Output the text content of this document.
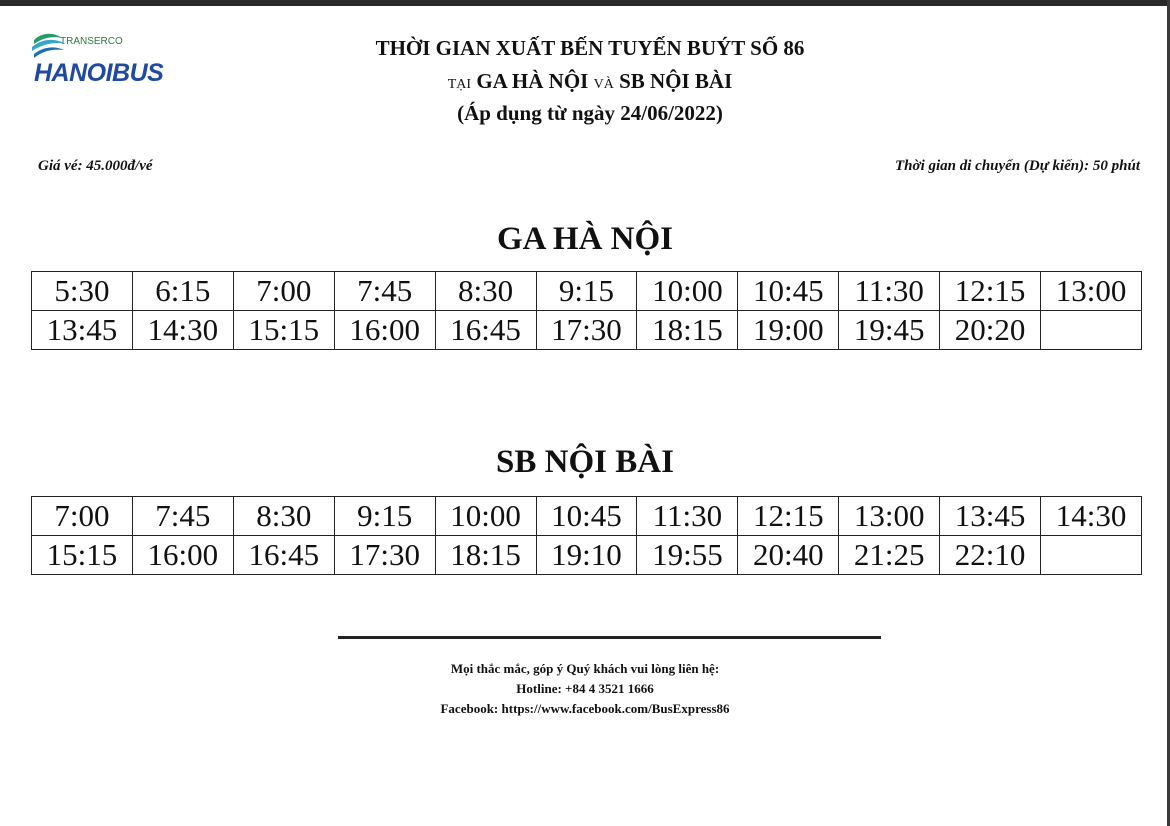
TRANSERCO
HANOIBUS
THỜI GIAN XUẤT BẾN TUYẾN BUÝT SỐ 86
TẠI GA HÀ NỘI VÀ SB NỘI BÀI
(Áp dụng từ ngày 24/06/2022)
Giá vé: 45.000đ/vé	Thời gian di chuyển (Dự kiến): 50 phút
GA HÀ NỘI
5:30	6:15	7:00	7:45	8:30	9:15	10:00	10:45	11:30	12:15	13:00
13:45	14:30	15:15	16:00	16:45	17:30	18:15	19:00	19:45	20:20	
SB NỘI BÀI
7:00	7:45	8:30	9:15	10:00	10:45	11:30	12:15	13:00	13:45	14:30
15:15	16:00	16:45	17:30	18:15	19:10	19:55	20:40	21:25	22:10	
Mọi thắc mắc, góp ý Quý khách vui lòng liên hệ:
Hotline: +84 4 3521 1666
Facebook: https://www.facebook.com/BusExpress86
